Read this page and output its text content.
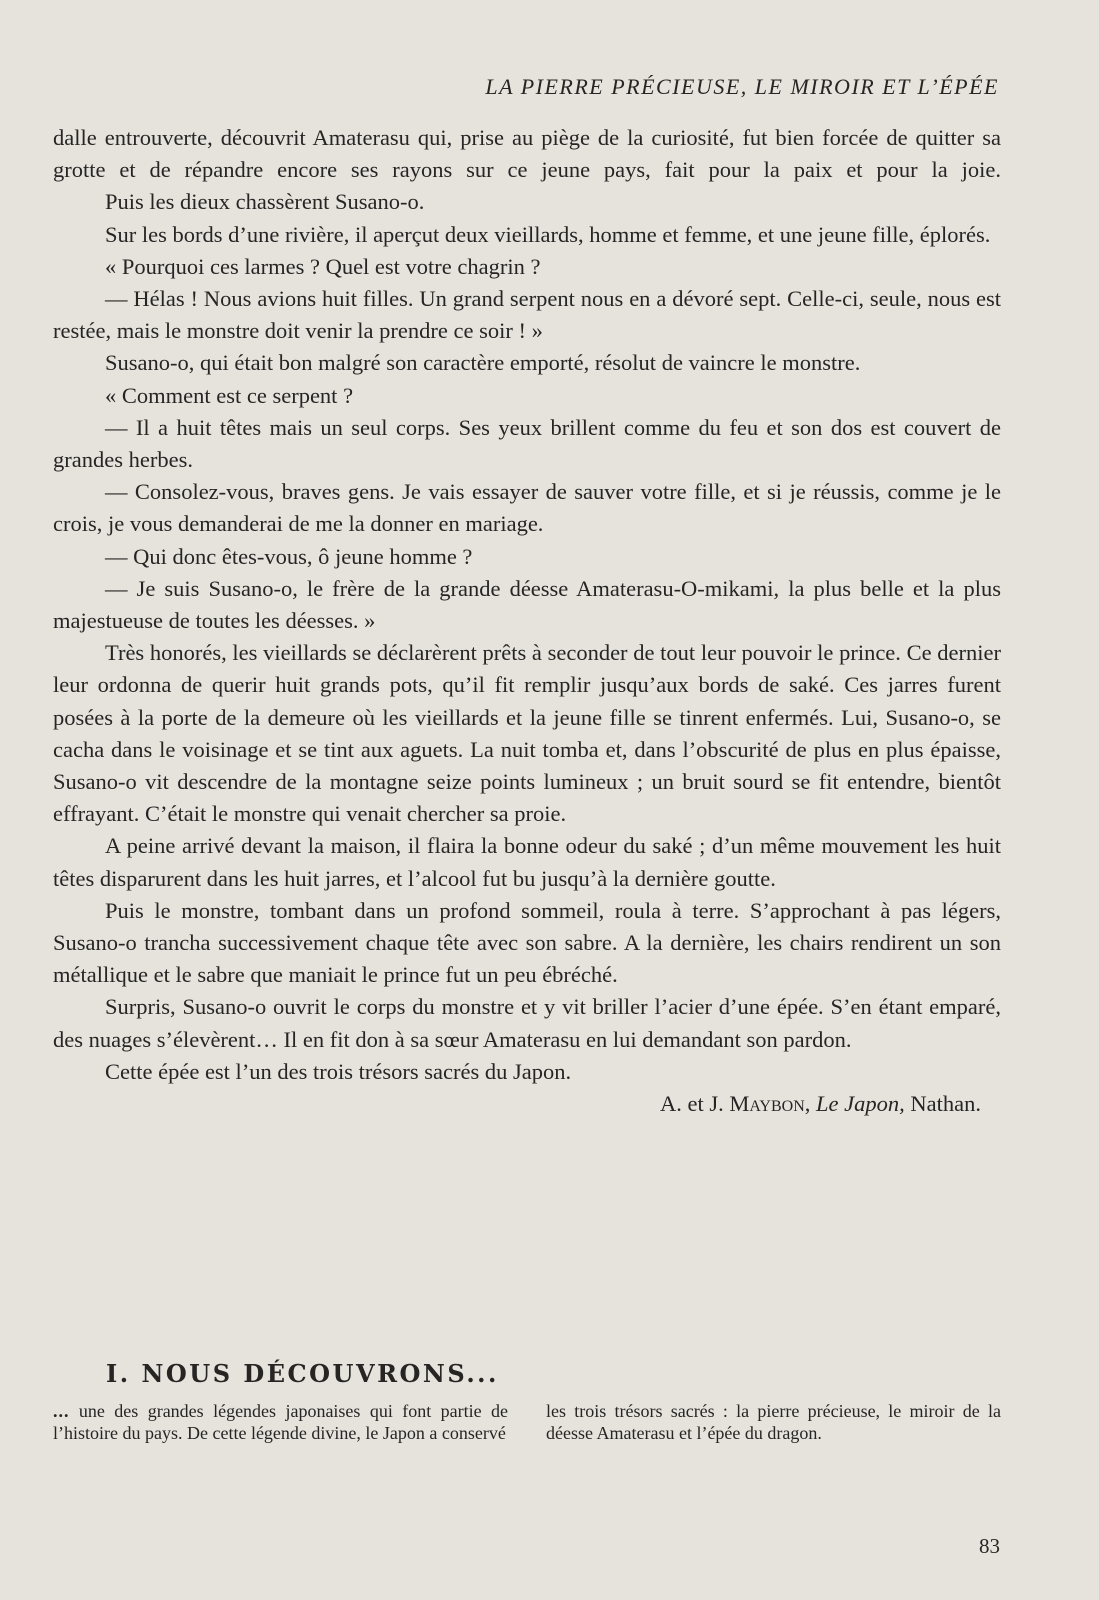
LA PIERRE PRÉCIEUSE, LE MIROIR ET L’ÉPÉE

dalle entrouverte, découvrit Amaterasu qui, prise au piège de la curiosité, fut bien forcée de quitter sa grotte et de répandre encore ses rayons sur ce jeune pays, fait pour la paix et pour la joie.

Puis les dieux chassèrent Susano-o.

Sur les bords d’une rivière, il aperçut deux vieillards, homme et femme, et une jeune fille, éplorés.

« Pourquoi ces larmes ? Quel est votre chagrin ?

— Hélas ! Nous avions huit filles. Un grand serpent nous en a dévoré sept. Celle-ci, seule, nous est restée, mais le monstre doit venir la prendre ce soir ! »

Susano-o, qui était bon malgré son caractère emporté, résolut de vaincre le monstre.

« Comment est ce serpent ?

— Il a huit têtes mais un seul corps. Ses yeux brillent comme du feu et son dos est couvert de grandes herbes.

— Consolez-vous, braves gens. Je vais essayer de sauver votre fille, et si je réussis, comme je le crois, je vous demanderai de me la donner en mariage.

— Qui donc êtes-vous, ô jeune homme ?

— Je suis Susano-o, le frère de la grande déesse Amaterasu-O-mikami, la plus belle et la plus majestueuse de toutes les déesses. »

Très honorés, les vieillards se déclarèrent prêts à seconder de tout leur pouvoir le prince. Ce dernier leur ordonna de querir huit grands pots, qu’il fit remplir jusqu’aux bords de saké. Ces jarres furent posées à la porte de la demeure où les vieillards et la jeune fille se tinrent enfermés. Lui, Susano-o, se cacha dans le voisinage et se tint aux aguets. La nuit tomba et, dans l’obscurité de plus en plus épaisse, Susano-o vit descendre de la montagne seize points lumineux ; un bruit sourd se fit entendre, bientôt effrayant. C’était le monstre qui venait chercher sa proie.

A peine arrivé devant la maison, il flaira la bonne odeur du saké ; d’un même mouvement les huit têtes disparurent dans les huit jarres, et l’alcool fut bu jusqu’à la dernière goutte.

Puis le monstre, tombant dans un profond sommeil, roula à terre. S’approchant à pas légers, Susano-o trancha successivement chaque tête avec son sabre. A la dernière, les chairs rendirent un son métallique et le sabre que maniait le prince fut un peu ébréché.

Surpris, Susano-o ouvrit le corps du monstre et y vit briller l’acier d’une épée. S’en étant emparé, des nuages s’élevèrent… Il en fit don à sa sœur Amaterasu en lui demandant son pardon.

Cette épée est l’un des trois trésors sacrés du Japon.

A. et J. Maybon, Le Japon, Nathan.

I. NOUS DÉCOUVRONS...
... une des grandes légendes japonaises qui font partie de l’histoire du pays. De cette légende divine, le Japon a conservé
les trois trésors sacrés : la pierre précieuse, le miroir de la déesse Amaterasu et l’épée du dragon.
83
